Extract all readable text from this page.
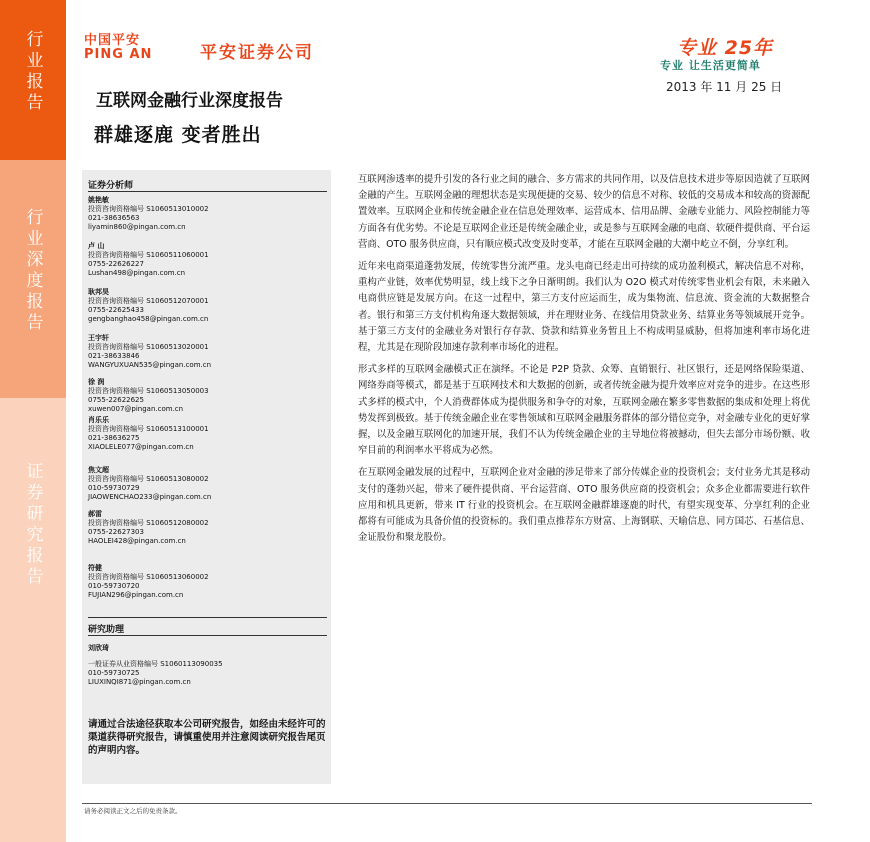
行业报告
行业深度报告
证券研究报告
中国平安
PING AN	平安证券公司	专业 25年
专业 让生活更简单
2013 年 11 月 25 日
互联网金融行业深度报告
群雄逐鹿 变者胜出
证券分析师
姚艳敏
投资咨询资格编号 S1060513010002
021-38636563
liyamin860@pingan.com.cn
卢 山
投资咨询资格编号 S1060511060001
0755-22626227
Lushan498@pingan.com.cn
耿邦昊
投资咨询资格编号 S1060512070001
0755-22625433
gengbanghao458@pingan.com.cn
王宇轩
投资咨询资格编号 S1060513020001
021-38633846
WANGYUXUAN535@pingan.com.cn
徐 润
投资咨询资格编号 S1060513050003
0755-22622625
xuwen007@pingan.com.cn
肖乐乐
投资咨询资格编号 S1060513100001
021-38636275
XIAOLELE077@pingan.com.cn
焦文超
投资咨询资格编号 S1060513080002
010-59730729
JIAOWENCHAO233@pingan.com.cn
郝雷
投资咨询资格编号 S1060512080002
0755-22627303
HAOLEI428@pingan.com.cn
符健
投资咨询资格编号 S1060513060002
010-59730720
FUJIAN296@pingan.com.cn
研究助理
刘欣琦
一般证券从业资格编号 S1060113090035
010-59730725
LIUXINQI871@pingan.com.cn
请通过合法途径获取本公司研究报告，如经由未经许可的渠道获得研究报告，请慎重使用并注意阅读研究报告尾页的声明内容。

互联网渗透率的提升引发的各行业之间的融合、多方需求的共同作用，以及信息技术进步等原因造就了互联网金融的产生。互联网金融的理想状态是实现便捷的交易、较少的信息不对称、较低的交易成本和较高的资源配置效率。互联网企业和传统金融企业在信息处理效率、运营成本、信用品牌、金融专业能力、风险控制能力等方面各有优劣势。不论是互联网企业还是传统金融企业，或是参与互联网金融的电商、软硬件提供商、平台运营商、OTO 服务供应商，只有顺应模式改变及时变革，才能在互联网金融的大潮中屹立不倒，分享红利。

近年来电商渠道蓬勃发展，传统零售分流严重。龙头电商已经走出可持续的成功盈利模式，解决信息不对称，重构产业链，效率优势明显，线上线下之争日渐明朗。我们认为 O2O 模式对传统零售业机会有限，未来融入电商供应链是发展方向。在这一过程中，第三方支付应运而生，成为集物流、信息流、资金流的大数据整合者。银行和第三方支付机构角逐大数据领域，并在理财业务、在线信用贷款业务、结算业务等领域展开竞争。基于第三方支付的金融业务对银行存存款、贷款和结算业务暂且上不构成明显威胁，但将加速利率市场化进程，尤其是在现阶段加速存款利率市场化的进程。

形式多样的互联网金融模式正在演绎。不论是 P2P 贷款、众筹、直销银行、社区银行，还是网络保险渠道、网络券商等模式，都是基于互联网技术和大数据的创新，或者传统金融为提升效率应对竞争的进步。在这些形式多样的模式中，个人消费群体成为提供服务和争夺的对象，互联网金融在繁多零售数据的集成和处理上将优势发挥到极致。基于传统金融企业在零售领域和互联网金融服务群体的部分错位竞争，对金融专业化的更好掌握，以及金融互联网化的加速开展，我们不认为传统金融企业的主导地位将被撼动，但失去部分市场份额、收窄目前的利润率水平将成为必然。

在互联网金融发展的过程中，互联网企业对金融的涉足带来了部分传媒企业的投资机会；支付业务尤其是移动支付的蓬勃兴起，带来了硬件提供商、平台运营商、OTO 服务供应商的投资机会；众多企业都需要进行软件应用和机具更新，带来 IT 行业的投资机会。在互联网金融群雄逐鹿的时代，有望实现变革、分享红利的企业都将有可能成为具备价值的投资标的。我们重点推荐东方财富、上海钢联、天喻信息、同方国芯、石基信息、金证股份和聚龙股份。

请务必阅读正文之后的免责条款。
